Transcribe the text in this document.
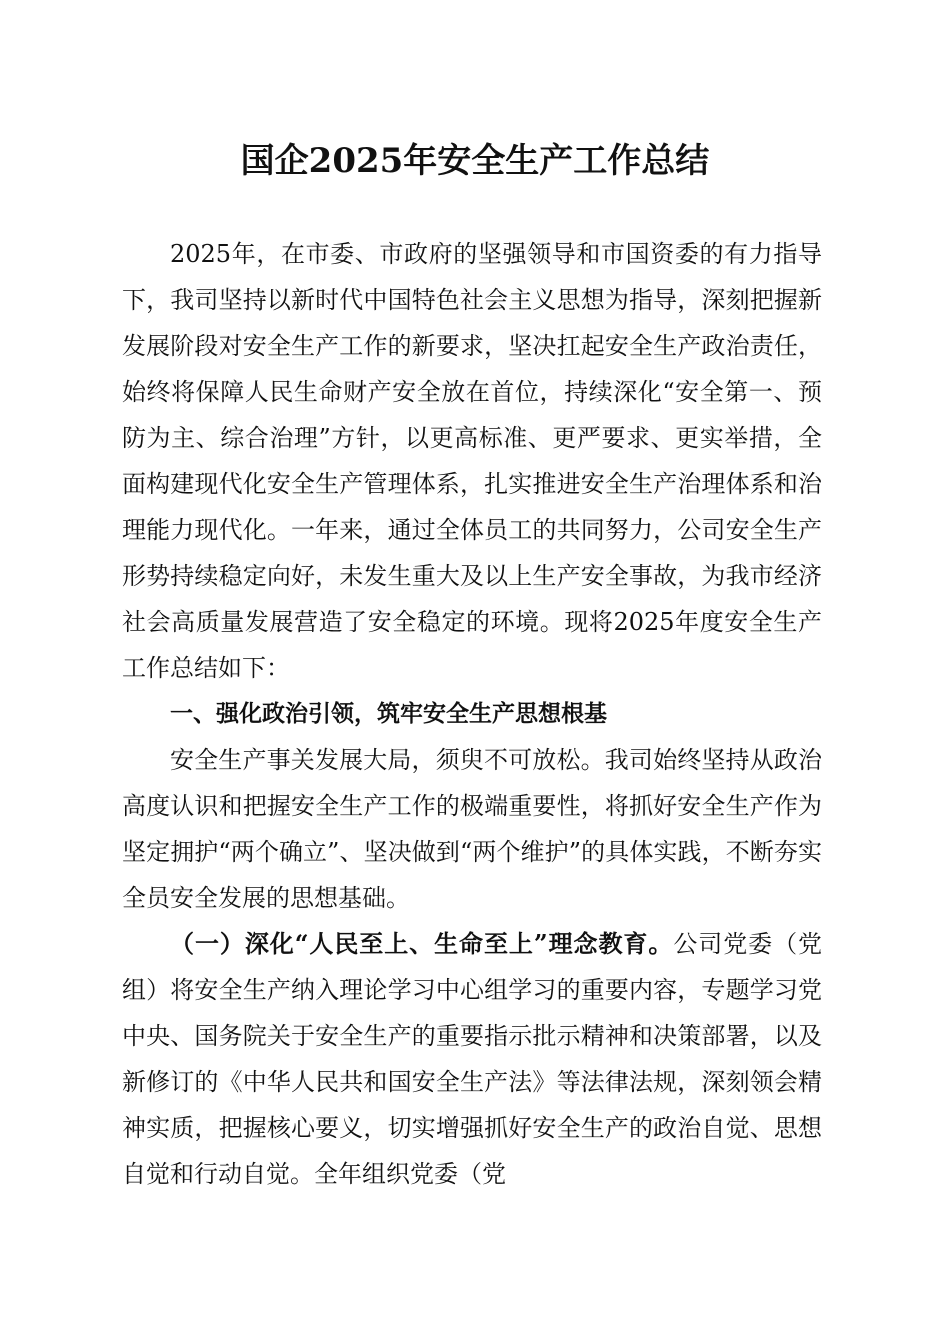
国企2025年安全生产工作总结

2025年，在市委、市政府的坚强领导和市国资委的有力指导下，我司坚持以新时代中国特色社会主义思想为指导，深刻把握新发展阶段对安全生产工作的新要求，坚决扛起安全生产政治责任，始终将保障人民生命财产安全放在首位，持续深化“安全第一、预防为主、综合治理”方针，以更高标准、更严要求、更实举措，全面构建现代化安全生产管理体系，扎实推进安全生产治理体系和治理能力现代化。一年来，通过全体员工的共同努力，公司安全生产形势持续稳定向好，未发生重大及以上生产安全事故，为我市经济社会高质量发展营造了安全稳定的环境。现将2025年度安全生产工作总结如下：

一、强化政治引领，筑牢安全生产思想根基

安全生产事关发展大局，须臾不可放松。我司始终坚持从政治高度认识和把握安全生产工作的极端重要性，将抓好安全生产作为坚定拥护“两个确立”、坚决做到“两个维护”的具体实践，不断夯实全员安全发展的思想基础。

（一）深化“人民至上、生命至上”理念教育。公司党委（党组）将安全生产纳入理论学习中心组学习的重要内容，专题学习党中央、国务院关于安全生产的重要指示批示精神和决策部署，以及新修订的《中华人民共和国安全生产法》等法律法规，深刻领会精神实质，把握核心要义，切实增强抓好安全生产的政治自觉、思想自觉和行动自觉。全年组织党委（党
